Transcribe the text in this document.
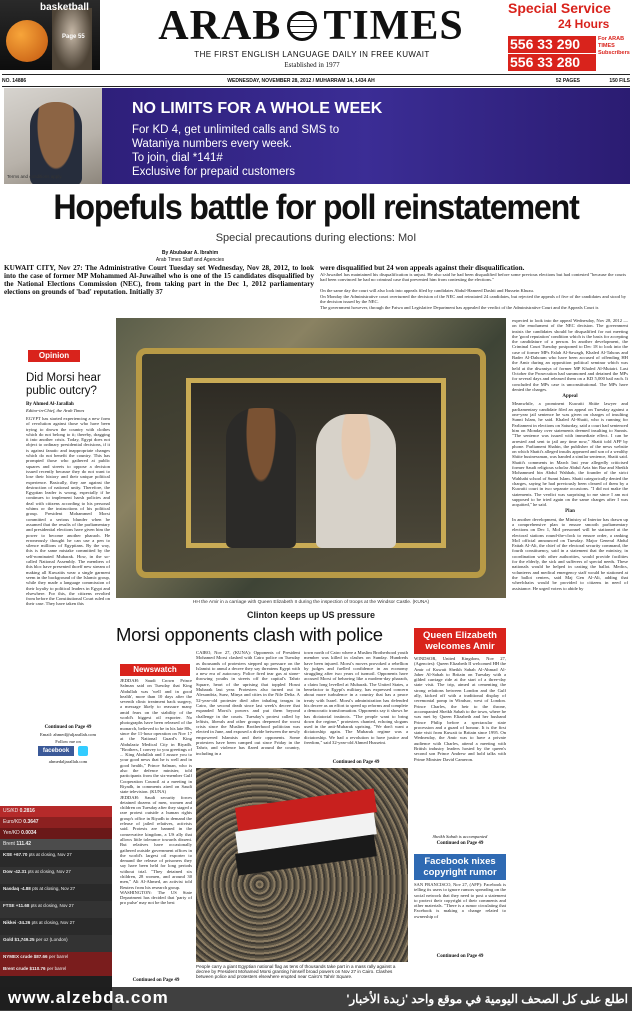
basketball
Page 55 ARAB TIMES
THE FIRST ENGLISH LANGUAGE DAILY IN FREE KUWAIT
Established in 1977
Special Service
24 Hours
556 33 290
556 33 280
For ARAB TIMES Subscribers
NO. 14886	WEDNESDAY, NOVEMBER 28, 2012 / MUHARRAM 14, 1434 AH	52 PAGES	150 FILS
Terms and conditions apply.
NO LIMITS FOR A WHOLE WEEK
For KD 4, get unlimited calls and SMS to
Wataniya numbers every week.
To join, dial *141#
Exclusive for prepaid customers
Hopefuls battle for poll reinstatement
Special precautions during elections: MoI
By Abubakar A. Ibrahim
Arab Times Staff and Agencies
KUWAIT CITY, Nov 27: The Administrative Court Tuesday set Wednesday, Nov 28, 2012, to look into the case of former MP Mohammed Al-Juwaihel who is one of the 15 candidates disqualified by the National Elections Commission (NEC), from taking part in the Dec 1, 2012 parliamentary elections on grounds of 'bad' reputation. Initially 37
were disqualified but 24 won appeals against their disqualification.
Al-Juwaihel has maintained his disqualification is unjust. He also said he had been disqualified before some previous elections but had contested "because the courts had been convinced he had no criminal case that prevented him from contesting the elections."
On the same day the court will also look into appeals filed by candidates Abdul-Hameed Dashti and Hussein Khuzu.
On Monday the Administrative court overturned the decision of the NEC and reinstated 24 candidates, but rejected the appeals of five of the candidates and stood by the decision issued by the NEC.
The government however, through the Fatwa and Legislative Department has appealed the verdict of the Administrative Court and the Appeals Court is
Opinion
Did Morsi hear public outcry?
By Ahmed Al-Jarallah
Editor-in-Chief, the Arab Times
EGYPT has started experiencing a new form of revolution against those who have been trying to drown the country with clothes which do not belong to it; thereby, dragging it into another crisis. Today, Egypt does not object to ordinary presidential decisions, if it is against fanatic and inappropriate changes which do not benefit the country. This has prompted those who gathered at public squares and streets to oppose a decision issued recently because they do not want to lose their history and their unique political experience. Basically, they are against the destruction of national unity. Therefore, the Egyptian leader is wrong, especially if he continues to implement harsh policies and deal with citizens according to his personal whims or the instructions of his political group. President Mohammed Morsi committed a serious blunder when he assumed that the results of the parliamentary and presidential elections have given him the power to become another pharaoh. He erroneously thought he can use a pen to silence millions of Egyptians. By the way, this is the same mistake committed by the self-nominated Mubarak. How, in the so-called National Assembly. The members of this bloc have presented thoeff new stream of making all Kuwaitis wear a single garment seem in the background of the Islamic group, while they made a language commission of their loyalty to political leaders in Egypt and elsewhere. For this, the citizens revolted from before the Constitutional Court ruled on their case. They have taken this
Continued on Page 49
Email: ahmed@aljarallah.com
Follow me on
facebook
ahmedaljarallah.com
US/KD 0.2816
Euro/KD 0.3647
Yen/KD 0.0034
Brent 111.42
KSE +67.70 pts at closing, Nov 27
Dow -42.31 pts at closing, Nov 27
Nasdaq -4.88 pts at closing, Nov 27
FTSE +11.68 pts at closing, Nov 27
Nikkei -34.26 pts at closing, Nov 27
Gold $1,749.25 per oz (London)
NYMEX crude $87.66 per barrel
Brent crude $110.76 per barrel
HH the Amir in a carriage with Queen Elizabeth II during the inspection of troops at the Windsor Castle. (KUNA)
expected to look into the appeal Wednesday, Nov 28, 2012 — on the emolument of the NEC decision. The government insists the candidates should be disqualified for not meeting the 'good reputation' condition which is the basis for accepting the candidature of a person. In another development, the Criminal Court Tuesday postponed to Dec 18 to look into the case of former MPs Falah Al-Sawagh, Khaled Al-Tahous and Bader Al-Dahoum who have been accused of offending HH the Amir during an opposition political seminar which was held at the diwaniya of former MP Khaled Al-Mutairi. Last October the Prosecution had summoned and detained the MPs for several days and released them on a KD 5,000 bail each. It concluded the MPs case is unconstitutional. The MPs have denied the charges.
Appeal
Meanwhile, a prominent Kuwaiti Shiite lawyer and parliamentary candidate filed an appeal on Tuesday against a one-year jail sentence he was given on charges of insulting Sunni Islam, he said. Khaled Al-Shatti, who is running for Parliament in elections on Saturday, said a court had sentenced him on Monday over statements deemed insulting to Sunnis. "The sentence was issued with immediate effect. I can be arrested and sent to jail any time now," Shatti told AFP by phone. Parliament Shahin, the publisher of the news website on which Shatti's alleged insults appeared and son of a wealthy Shiite businessman, was handed a similar sentence, Shatti said. Shatti's comments in March last year allegedly criticised former Saudi religious scholar Abdul Aziz bin Baz and Sheikh Mohammed bin Abdul Wahhab, the founder of the strict Wahhabi school of Sunni Islam. Shatti categorically denied the charges, saying he had previously been cleared of them by a Kuwaiti court in two separate occasions. "I did not make the statements. The verdict was surprising to me since I am not supposed to be tried again on the same charges after I was acquitted," he said.
Plan
In another development, the Ministry of Interior has drawn up a comprehensive plan to ensure smooth parliamentary elections on Dec 1, MoI personnel will be stationed at the electoral stations round-the-clock to ensure order, a ranking MoI official announced on Tuesday. Major General Abdul Fattah Al-Ali, the chief of the electoral security command, the fourth constituency, said in a statement that the ministry, in coordination with other authorities, would provide facilities for the elderly, the sick and sufferers of special needs. These nationals would be helped in casting the ballot. Medics, volunteers and medical emergency staff would be stationed at the ballot centers, said Maj Gen Al-Ali, adding that wheelchairs would be provided to citizens in need of assistance. He urged voters to abide by
Clinton keeps up US pressure
Morsi opponents clash with police
Newswatch
JEDDAH: Saudi Crown Prince Salman said on Tuesday that King Abdullah was 'well and in good health', more than 10 days after the seventh clinic treatment back surgery, a message likely to reassure many amid fears on the stability of the world's biggest oil exporter. No photographs have been released of the monarch, believed to be in his late 80s, since the 11-hour operation on Nov 17 at the National Guard's King Abdulaziz Medical City in Riyadh. "Brothers, I convey to you greetings of ... King Abdullah and I assure you to your good news that he is well and in good health," Prince Salman, who is also the defence minister, told participants from the six-member Gulf Cooperation Council at a meeting in Riyadh, in comments aired on Saudi state television. (KUNA)
JEDDAH: Saudi security forces detained dozens of men, women and children on Tuesday after they staged a rare protest outside a human rights group's office in Riyadh to demand the release of jailed relatives, activists said. Protests are banned in the conservative kingdom, a US ally that allows little tolerance towards dissent. But relatives have occasionally gathered outside government offices in the world's largest oil exporter to demand the release of prisoners they say have been held for long periods without trial. "They detained six children, 28 women, and around 30 men," Ali Al-Ahmed, an activist told Reuters from his research group.
WASHINGTON: The US State Department has decided that 'party of pro pulse' may not be the best
Continued on Page 49
CAIRO, Nov 27, (KUNA): Opponents of President Mohamed Morsi clashed with Cairo police on Tuesday as thousands of protesters stepped up pressure on the Islamist to annul a decree they say threatens Egypt with a new era of autocracy. Police fired tear gas at stone-throwing youths in streets off the capital's Tahrir Square, heart of the uprising that toppled Hosni Mubarak last year. Protesters also turned out in Alexandria, Suez, Minya and cities in the Nile Delta. A 52-year-old protester died after inhaling teargas in Cairo, the second death since last week's decree that expanded Morsi's powers and put them beyond challenge in the courts. Tuesday's protest called by leftists, liberals and other groups deepened the worst crisis since the Muslim Brotherhood politician was elected in June, and exposed a divide between the newly empowered Islamists and their opponents. Some protesters have been camped out since Friday in the Tahrir, and violence has flared around the country, including in a
town north of Cairo where a Muslim Brotherhood youth member was killed in clashes on Sunday. Hundreds have been injured. Morsi's moves provoked a rebellion by judges and fuelled confidence in an economy struggling after two years of turmoil. Opponents have accused Morsi of behaving like a modern-day pharaoh, a claim long levelled at Mubarak. The United States, a benefactor to Egypt's military, has expressed concern about more turbulence in a country that has a peace treaty with Israel. Morsi's administration has defended his decree as an effort to speed up reforms and complete a democratic transformation. Opponents say it shows he has dictatorial instincts. "The people want to bring down the regime," protesters chanted, echoing slogans used in the anti-Mubarak uprising. "We don't want a dictatorship again. The Mubarak regime was a dictatorship. We had a revolution to have justice and freedom," said 32-year-old Ahmed Husseini.
Continued on Page 49
People carry a giant Egyptian national flag as tens of thousands take part in a mass rally against a decree by President Mohamed Morsi granting himself broad powers on Nov 27 in Cairo. Clashes between police and protesters elsewhere erupted near Cairo's Tahrir Square.
Queen Elizabeth welcomes Amir
WINDSOR, United Kingdom, Nov 27, (Agencies): Queen Elizabeth II welcomed HH the Amir of Kuwait Sheikh Sabah Al-Ahmad Al-Jaber Al-Sabah to Britain on Tuesday with a gilded carriage ride at the start of a three-day state visit. The trip, aimed at cementing the strong relations between London and the Gulf ally, kicked off with a traditional display of ceremonial pomp in Windsor, west of London. Prince Charles, the heir to the throne, accompanied Sheikh Sabah to the town, where he was met by Queen Elizabeth and her husband Prince Philip before a spectacular state procession and a guard of honour. It is the first state visit from Kuwait to Britain since 1995. On Wednesday, the Amir was to have a private audience with Charles, attend a meeting with British industry leaders hosted by the queen's second son Prince Andrew and hold talks with Prime Minister David Cameron.
Sheikh Sabah is accompanied
Continued on Page 49
Facebook nixes copyright rumor
SAN FRANCISCO, Nov 27, (AFP): Facebook is telling its users to ignore rumors spreading on the social network that they need to post a statement to protect their copyright of their comments and other materials. "There is a rumor circulating that Facebook is making a change related to ownership of
Continued on Page 49
www.alzebda.com	اطلع على كل الصحف اليومية في موقع واحد 'زبدة الأخبار'
